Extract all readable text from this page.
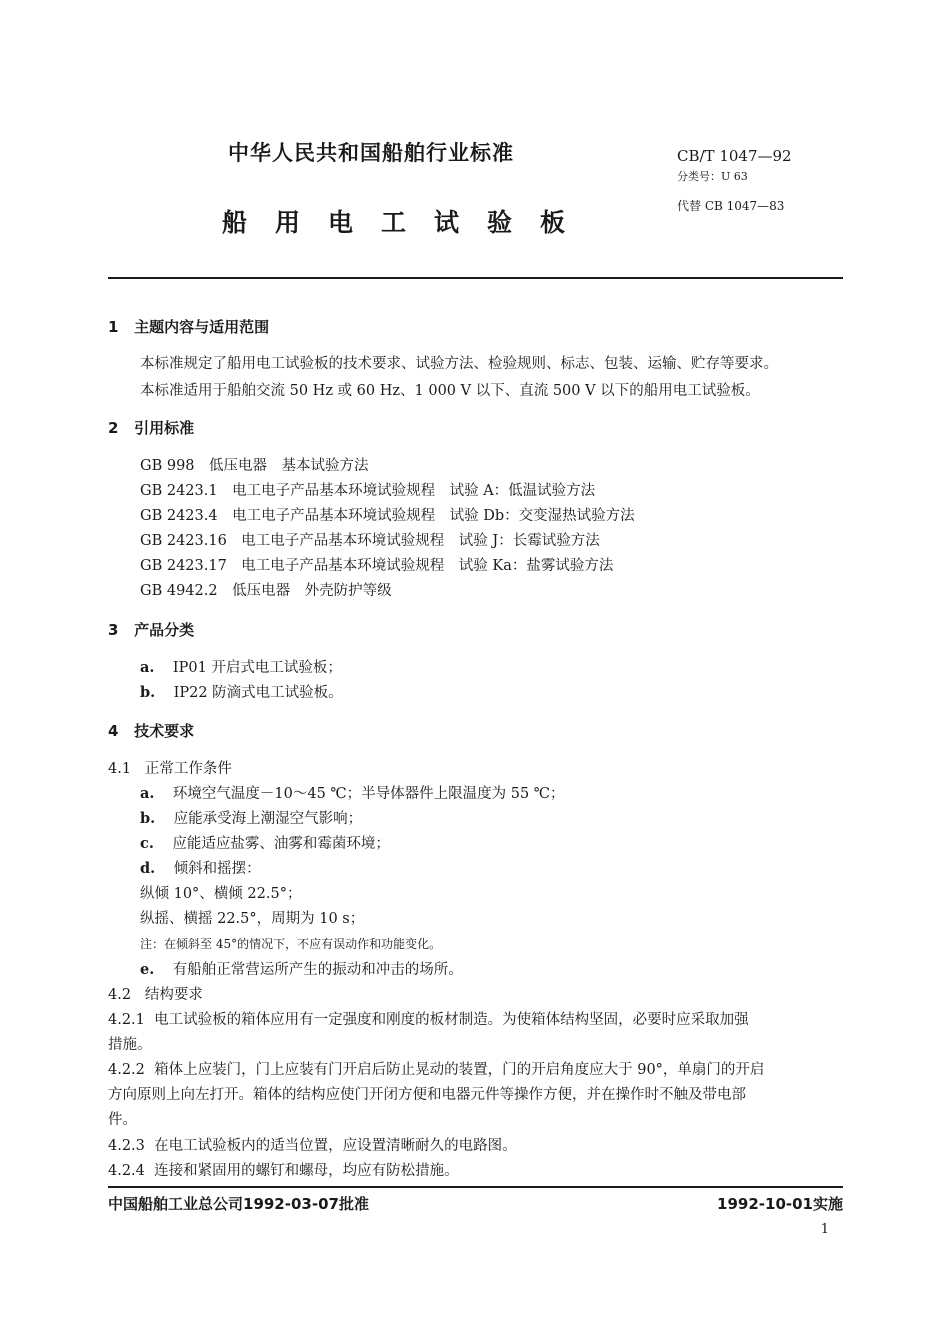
中华人民共和国船舶行业标准
船用电工试验板
CB/T 1047—92
分类号：U 63
代替 CB 1047—83
1 主题内容与适用范围
本标准规定了船用电工试验板的技术要求、试验方法、检验规则、标志、包装、运输、贮存等要求。
本标准适用于船舶交流 50 Hz 或 60 Hz、1 000 V 以下、直流 500 V 以下的船用电工试验板。
2 引用标准
GB 998　低压电器　基本试验方法
GB 2423.1　电工电子产品基本环境试验规程　试验 A：低温试验方法
GB 2423.4　电工电子产品基本环境试验规程　试验 Db：交变湿热试验方法
GB 2423.16　电工电子产品基本环境试验规程　试验 J：长霉试验方法
GB 2423.17　电工电子产品基本环境试验规程　试验 Ka：盐雾试验方法
GB 4942.2　低压电器　外壳防护等级
3 产品分类
a. IP01 开启式电工试验板；
b. IP22 防滴式电工试验板。
4 技术要求
4.1 正常工作条件
a. 环境空气温度－10～45 ℃；半导体器件上限温度为 55 ℃；
b. 应能承受海上潮湿空气影响；
c. 应能适应盐雾、油雾和霉菌环境；
d. 倾斜和摇摆：
纵倾 10°、横倾 22.5°；
纵摇、横摇 22.5°，周期为 10 s；
注：在倾斜至 45°的情况下，不应有误动作和功能变化。
e. 有船舶正常营运所产生的振动和冲击的场所。
4.2 结构要求
4.2.1 电工试验板的箱体应用有一定强度和刚度的板材制造。为使箱体结构坚固，必要时应采取加强
措施。
4.2.2 箱体上应装门，门上应装有门开启后防止晃动的装置，门的开启角度应大于 90°，单扇门的开启
方向原则上向左打开。箱体的结构应使门开闭方便和电器元件等操作方便，并在操作时不触及带电部
件。
4.2.3 在电工试验板内的适当位置，应设置清晰耐久的电路图。
4.2.4 连接和紧固用的螺钉和螺母，均应有防松措施。
中国船舶工业总公司1992-03-07批准	1992-10-01实施
1
